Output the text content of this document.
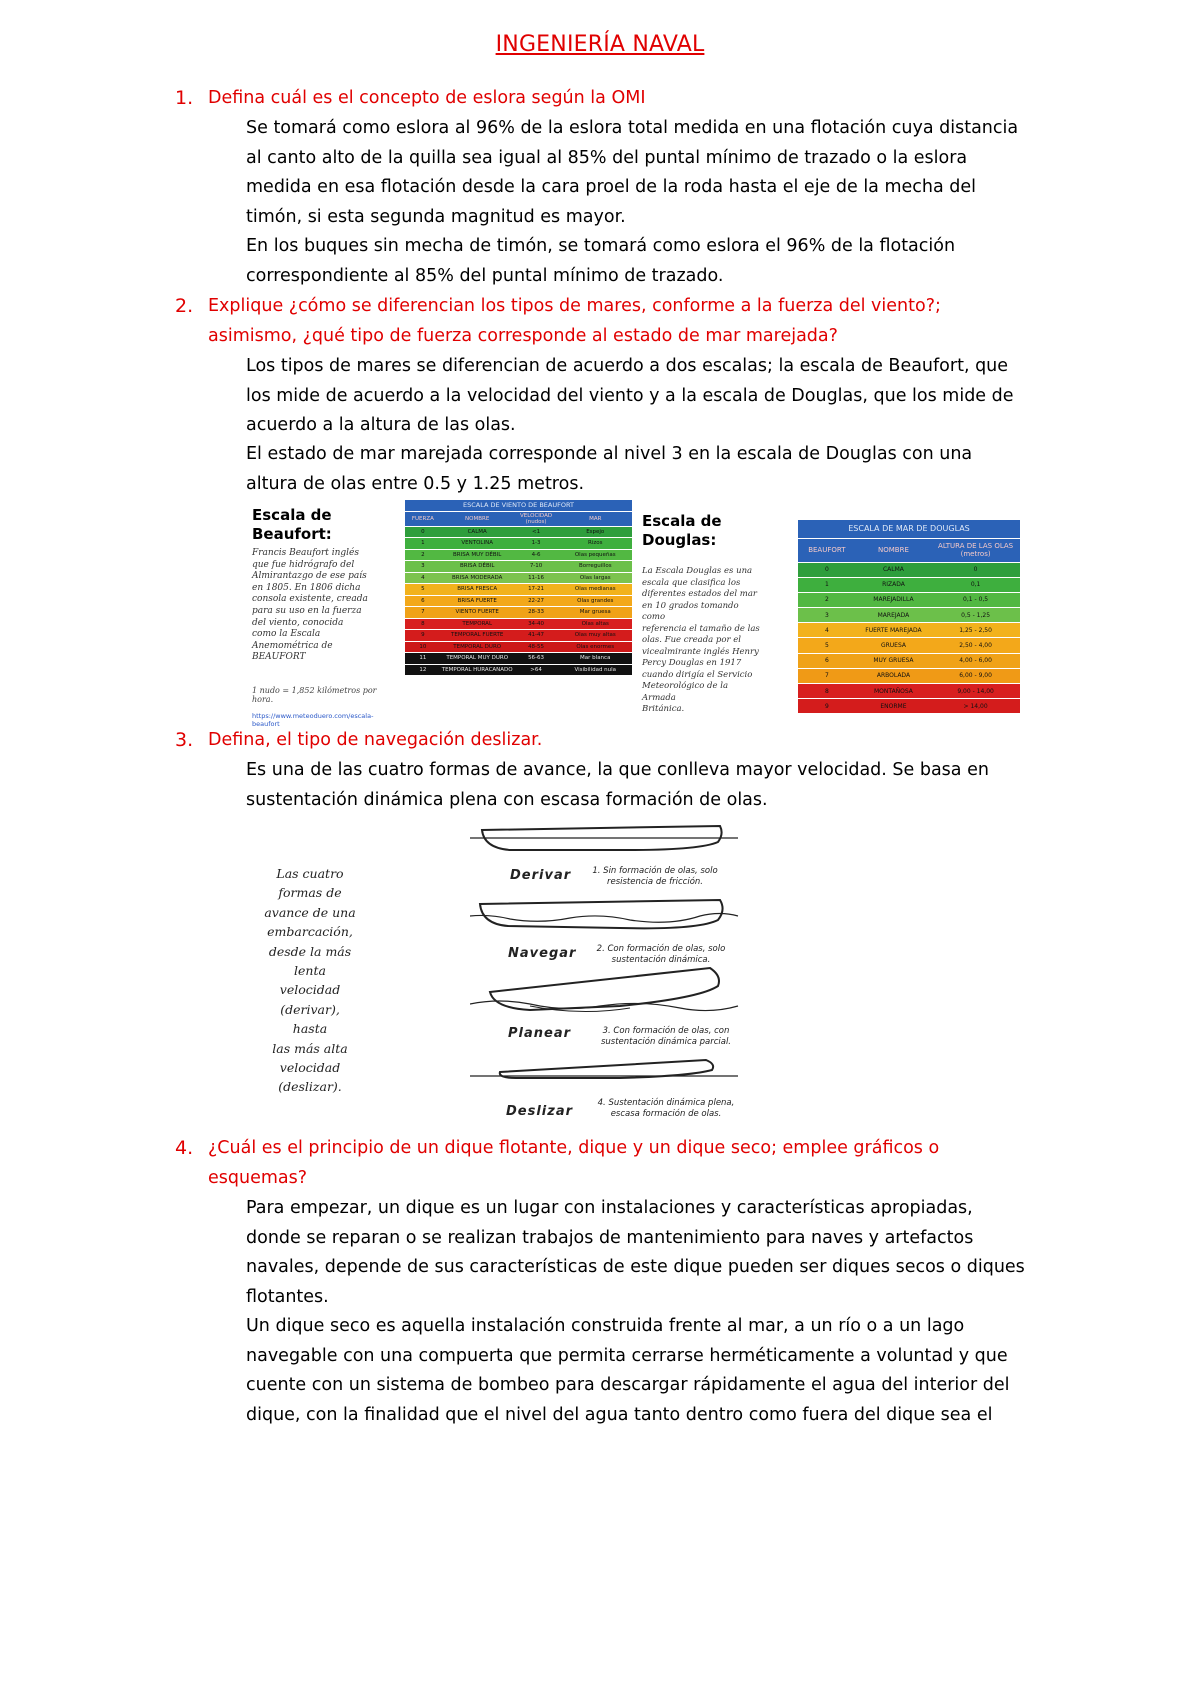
INGENIERÍA NAVAL
1. Defina cuál es el concepto de eslora según la OMI
Se tomará como eslora al 96% de la eslora total medida en una flotación cuya distancia
al canto alto de la quilla sea igual al 85% del puntal mínimo de trazado o la eslora
medida en esa flotación desde la cara proel de la roda hasta el eje de la mecha del
timón, si esta segunda magnitud es mayor.
En los buques sin mecha de timón, se tomará como eslora el 96% de la flotación
correspondiente al 85% del puntal mínimo de trazado.
2. Explique ¿cómo se diferencian los tipos de mares, conforme a la fuerza del viento?;
asimismo, ¿qué tipo de fuerza corresponde al estado de mar marejada?
Los tipos de mares se diferencian de acuerdo a dos escalas; la escala de Beaufort, que
los mide de acuerdo a la velocidad del viento y a la escala de Douglas, que los mide de
acuerdo a la altura de las olas.
El estado de mar marejada corresponde al nivel 3 en la escala de Douglas con una
altura de olas entre 0.5 y 1.25 metros.
Escala de
Beaufort:
Francis Beaufort inglés
que fue hidrógrafo del
Almirantazgo de ese país
en 1805. En 1806 dicha
consola existente, creada
para su uso en la fuerza
del viento, conocida
como la Escala
Anemométrica de
BEAUFORT
1 nudo = 1,852 kilómetros por hora.
https://www.meteoduero.com/escala-beaufort
ESCALA DE VIENTO DE BEAUFORT			
FUERZA	NOMBRE	VELOCIDAD (nudos)	MAR
0	CALMA	<1	Espejo
1	VENTOLINA	1-3	Rizos
2	BRISA MUY DÉBIL	4-6	Olas pequeñas
3	BRISA DÉBIL	7-10	Borreguillos
4	BRISA MODERADA	11-16	Olas largas
5	BRISA FRESCA	17-21	Olas medianas
6	BRISA FUERTE	22-27	Olas grandes
7	VIENTO FUERTE	28-33	Mar gruesa
8	TEMPORAL	34-40	Olas altas
9	TEMPORAL FUERTE	41-47	Olas muy altas
10	TEMPORAL DURO	48-55	Olas enormes
11	TEMPORAL MUY DURO	56-63	Mar blanca
12	TEMPORAL HURACANADO	>64	Visibilidad nula
Escala de
Douglas:
La Escala Douglas es una
escala que clasifica los
diferentes estados del mar
en 10 grados tomando como
referencia el tamaño de las
olas. Fue creada por el
vicealmirante inglés Henry
Percy Douglas en 1917
cuando dirigía el Servicio
Meteorológico de la Armada
Británica.
ESCALA DE MAR DE DOUGLAS		
BEAUFORT	NOMBRE	ALTURA DE LAS OLAS (metros)
0	CALMA	0
1	RIZADA	0,1
2	MAREJADILLA	0,1 - 0,5
3	MAREJADA	0,5 - 1,25
4	FUERTE MAREJADA	1,25 - 2,50
5	GRUESA	2,50 - 4,00
6	MUY GRUESA	4,00 - 6,00
7	ARBOLADA	6,00 - 9,00
8	MONTAÑOSA	9,00 - 14,00
9	ENORME	> 14,00
3. Defina, el tipo de navegación deslizar.
Es una de las cuatro formas de avance, la que conlleva mayor velocidad. Se basa en
sustentación dinámica plena con escasa formación de olas.
Las cuatro
formas de
avance de una
embarcación,
desde la más
lenta velocidad
(derivar), hasta
las más alta
velocidad
(deslizar).
Derivar	1. Sin formación de olas, solo
resistencia de fricción.
Navegar	2. Con formación de olas, solo
sustentación dinámica.
Planear	3. Con formación de olas, con
sustentación dinámica parcial.
Deslizar
4. Sustentación dinámica plena,
escasa formación de olas.
4. ¿Cuál es el principio de un dique flotante, dique y un dique seco; emplee gráficos o
esquemas?
Para empezar, un dique es un lugar con instalaciones y características apropiadas,
donde se reparan o se realizan trabajos de mantenimiento para naves y artefactos
navales, depende de sus características de este dique pueden ser diques secos o diques
flotantes.
Un dique seco es aquella instalación construida frente al mar, a un río o a un lago
navegable con una compuerta que permita cerrarse herméticamente a voluntad y que
cuente con un sistema de bombeo para descargar rápidamente el agua del interior del
dique, con la finalidad que el nivel del agua tanto dentro como fuera del dique sea el
